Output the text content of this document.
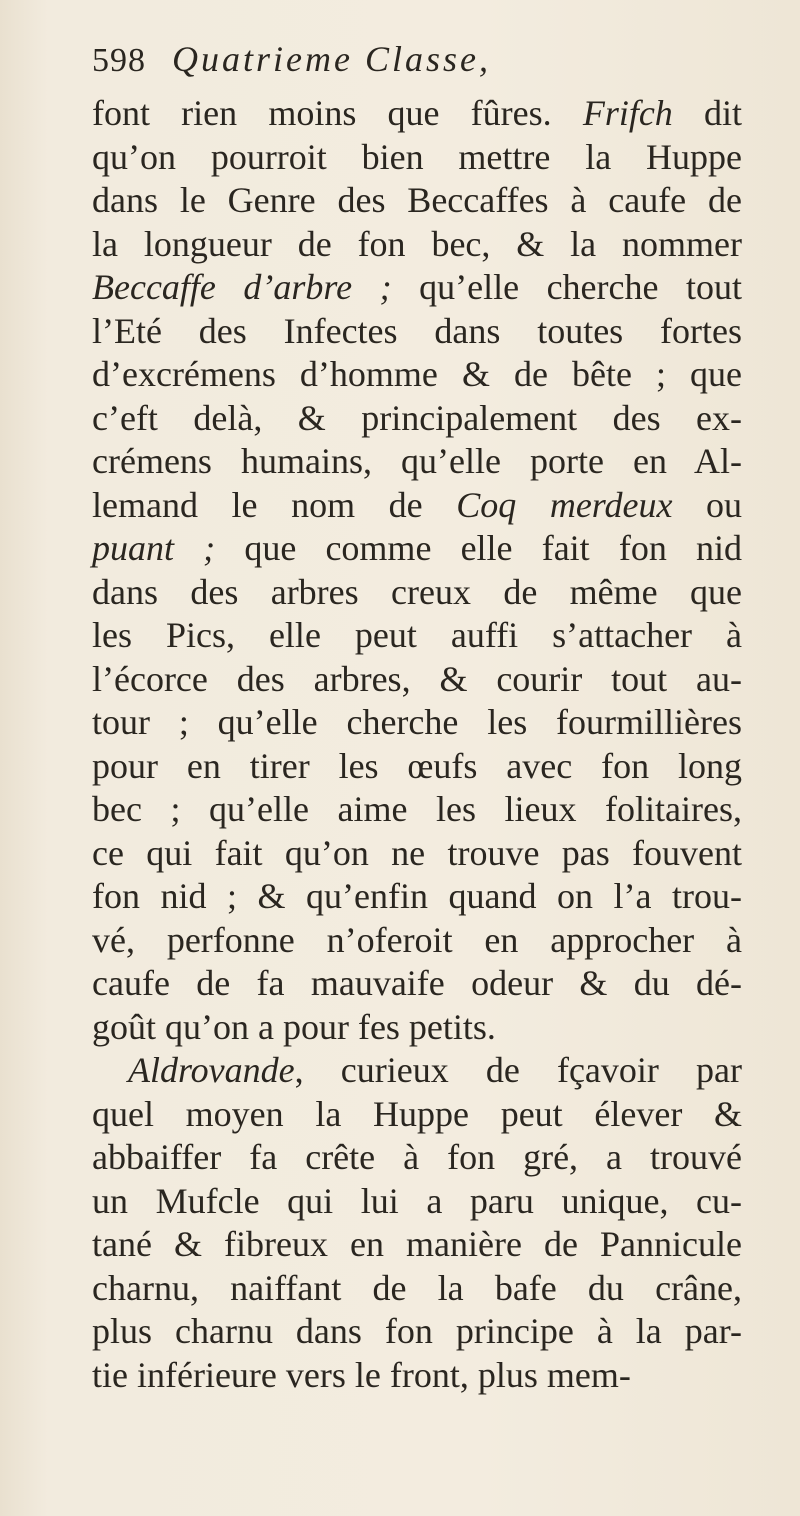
598 Quatrieme Classe,
font rien moins que fûres. Frifch dit
qu’on pourroit bien mettre la Huppe
dans le Genre des Beccaffes à caufe de
la longueur de fon bec, & la nommer
Beccaffe d’arbre ; qu’elle cherche tout
l’Eté des Infectes dans toutes fortes
d’excrémens d’homme & de bête ; que
c’eft delà, & principalement des ex-
crémens humains, qu’elle porte en Al-
lemand le nom de Coq merdeux ou
puant ; que comme elle fait fon nid
dans des arbres creux de même que
les Pics, elle peut auffi s’attacher à
l’écorce des arbres, & courir tout au-
tour ; qu’elle cherche les fourmillières
pour en tirer les œufs avec fon long
bec ; qu’elle aime les lieux folitaires,
ce qui fait qu’on ne trouve pas fouvent
fon nid ; & qu’enfin quand on l’a trou-
vé, perfonne n’oferoit en approcher à
caufe de fa mauvaife odeur & du dé-
goût qu’on a pour fes petits.
Aldrovande, curieux de fçavoir par
quel moyen la Huppe peut élever &
abbaiffer fa crête à fon gré, a trouvé
un Mufcle qui lui a paru unique, cu-
tané & fibreux en manière de Pannicule
charnu, naiffant de la bafe du crâne,
plus charnu dans fon principe à la par-
tie inférieure vers le front, plus mem-
